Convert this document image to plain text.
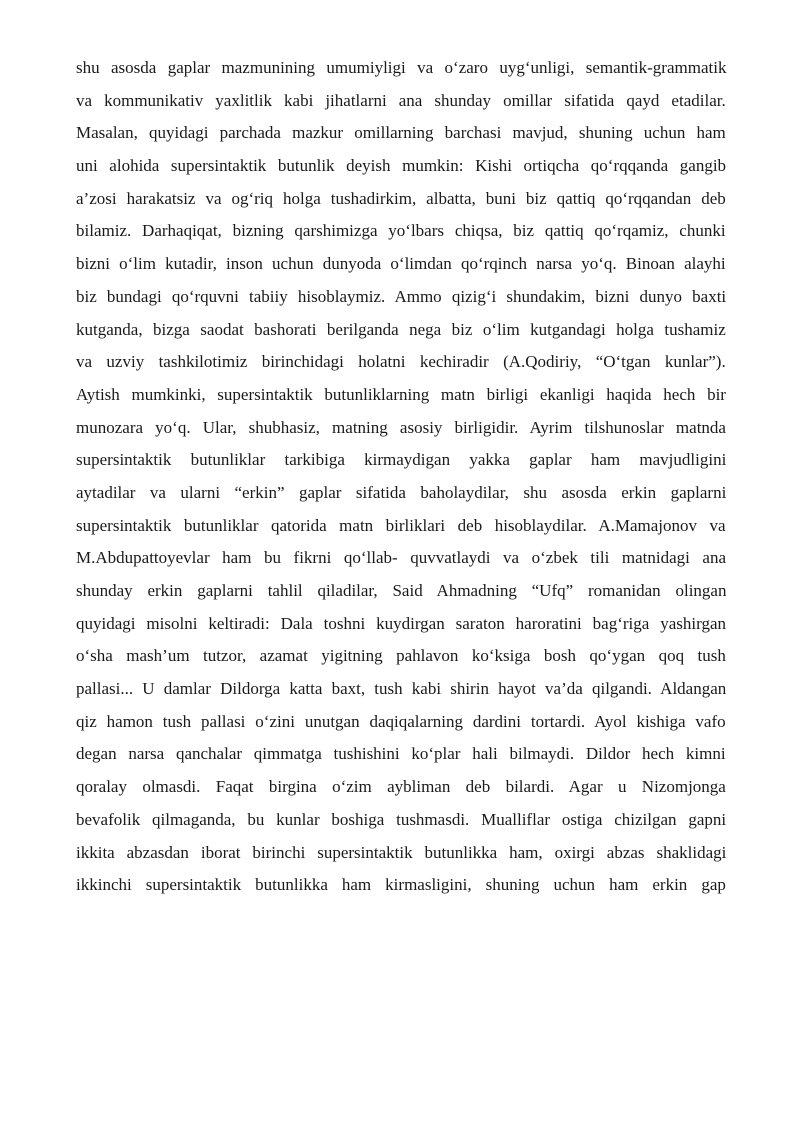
shu asosda gaplar mazmunining umumiyligi va o‘zaro uyg‘unligi, semantik-grammatik
va kommunikativ yaxlitlik kabi jihatlarni ana shunday omillar sifatida qayd etadilar.
Masalan, quyidagi parchada mazkur omillarning barchasi mavjud, shuning uchun ham
uni alohida supersintaktik butunlik deyish mumkin: Kishi ortiqcha qo‘rqqanda gangib
a’zosi harakatsiz va og‘riq holga tushadirkim, albatta, buni biz qattiq qo‘rqqandan deb
bilamiz. Darhaqiqat, bizning qarshimizga yo‘lbars chiqsa, biz qattiq qo‘rqamiz, chunki
bizni o‘lim kutadir, inson uchun dunyoda o‘limdan qo‘rqinch narsa yo‘q. Binoan alayhi
biz bundagi qo‘rquvni tabiiy hisoblaymiz. Ammo qizig‘i shundakim, bizni dunyo baxti
kutganda, bizga saodat bashorati berilganda nega biz o‘lim kutgandagi holga tushamiz
va uzviy tashkilotimiz birinchidagi holatni kechiradir (A.Qodiriy, “O‘tgan kunlar”).
Aytish mumkinki, supersintaktik butunliklarning matn birligi ekanligi haqida hech bir
munozara yo‘q. Ular, shubhasiz, matning asosiy birligidir. Ayrim tilshunoslar matnda
supersintaktik butunliklar tarkibiga kirmaydigan yakka gaplar ham mavjudligini
aytadilar va ularni “erkin” gaplar sifatida baholaydilar, shu asosda erkin gaplarni
supersintaktik butunliklar qatorida matn birliklari deb hisoblaydilar. A.Mamajonov va
M.Abdupattoyevlar ham bu fikrni qo‘llab- quvvatlaydi va o‘zbek tili matnidagi ana
shunday erkin gaplarni tahlil qiladilar, Said Ahmadning “Ufq” romanidan olingan
quyidagi misolni keltiradi: Dala toshni kuydirgan saraton haroratini bag‘riga yashirgan
o‘sha mash’um tutzor, azamat yigitning pahlavon ko‘ksiga bosh qo‘ygan qoq tush
pallasi... U damlar Dildorga katta baxt, tush kabi shirin hayot va’da qilgandi. Aldangan
qiz hamon tush pallasi o‘zini unutgan daqiqalarning dardini tortardi. Ayol kishiga vafo
degan narsa qanchalar qimmatga tushishini ko‘plar hali bilmaydi. Dildor hech kimni
qoralay olmasdi. Faqat birgina o‘zim aybliman deb bilardi. Agar u Nizomjonga
bevafolik qilmaganda, bu kunlar boshiga tushmasdi. Mualliflar ostiga chizilgan gapni
ikkita abzasdan iborat birinchi supersintaktik butunlikka ham, oxirgi abzas shaklidagi
ikkinchi supersintaktik butunlikka ham kirmasligini, shuning uchun ham erkin gap
